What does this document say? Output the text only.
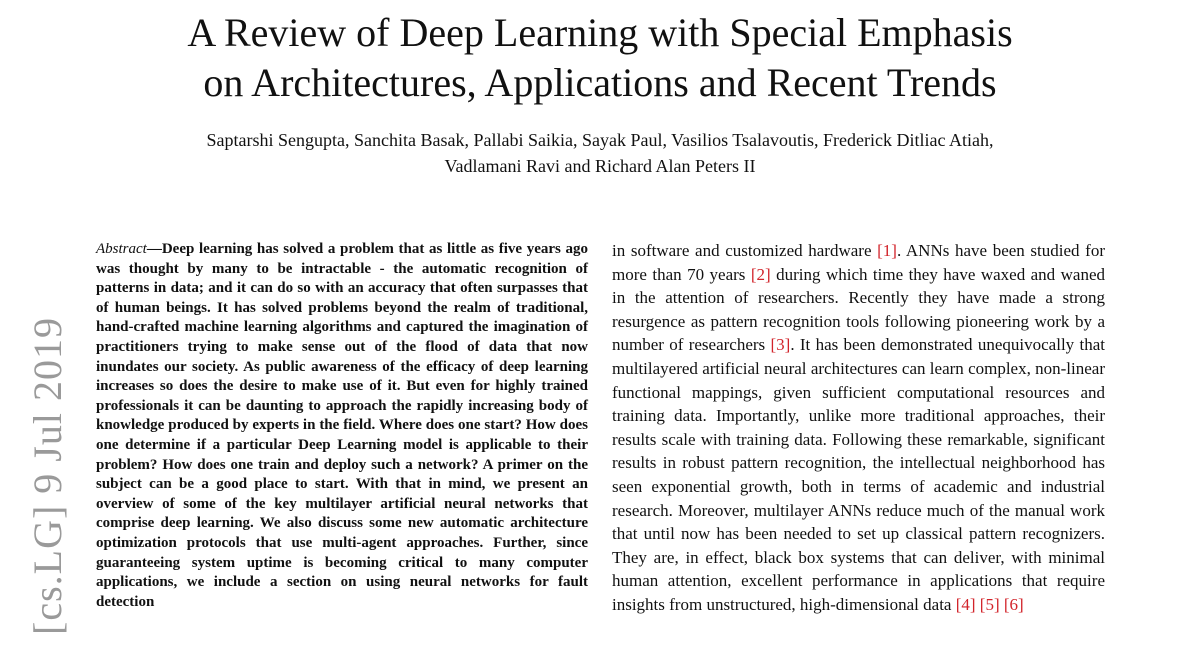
A Review of Deep Learning with Special Emphasis
on Architectures, Applications and Recent Trends
Saptarshi Sengupta, Sanchita Basak, Pallabi Saikia, Sayak Paul, Vasilios Tsalavoutis, Frederick Ditliac Atiah,
Vadlamani Ravi and Richard Alan Peters II
[cs.LG] 9 Jul 2019

Abstract—Deep learning has solved a problem that as little as five years ago was thought by many to be intractable - the automatic recognition of patterns in data; and it can do so with an accuracy that often surpasses that of human beings. It has solved problems beyond the realm of traditional, hand-crafted machine learning algorithms and captured the imagination of practitioners trying to make sense out of the flood of data that now inundates our society. As public awareness of the efficacy of deep learning increases so does the desire to make use of it. But even for highly trained professionals it can be daunting to approach the rapidly increasing body of knowledge produced by experts in the field. Where does one start? How does one determine if a particular Deep Learning model is applicable to their problem? How does one train and deploy such a network? A primer on the subject can be a good place to start. With that in mind, we present an overview of some of the key multilayer artificial neural networks that comprise deep learning. We also discuss some new automatic architecture optimization protocols that use multi-agent approaches. Further, since guaranteeing system uptime is becoming critical to many computer applications, we include a section on using neural networks for fault detection

in software and customized hardware [1]. ANNs have been studied for more than 70 years [2] during which time they have waxed and waned in the attention of researchers. Recently they have made a strong resurgence as pattern recognition tools following pioneering work by a number of researchers [3]. It has been demonstrated unequivocally that multilayered artificial neural architectures can learn complex, non-linear functional mappings, given sufficient computational resources and training data. Importantly, unlike more traditional approaches, their results scale with training data. Following these remarkable, significant results in robust pattern recognition, the intellectual neighborhood has seen exponential growth, both in terms of academic and industrial research. Moreover, multilayer ANNs reduce much of the manual work that until now has been needed to set up classical pattern recognizers. They are, in effect, black box systems that can deliver, with minimal human attention, excellent performance in applications that require insights from unstructured, high-dimensional data [4] [5] [6]
